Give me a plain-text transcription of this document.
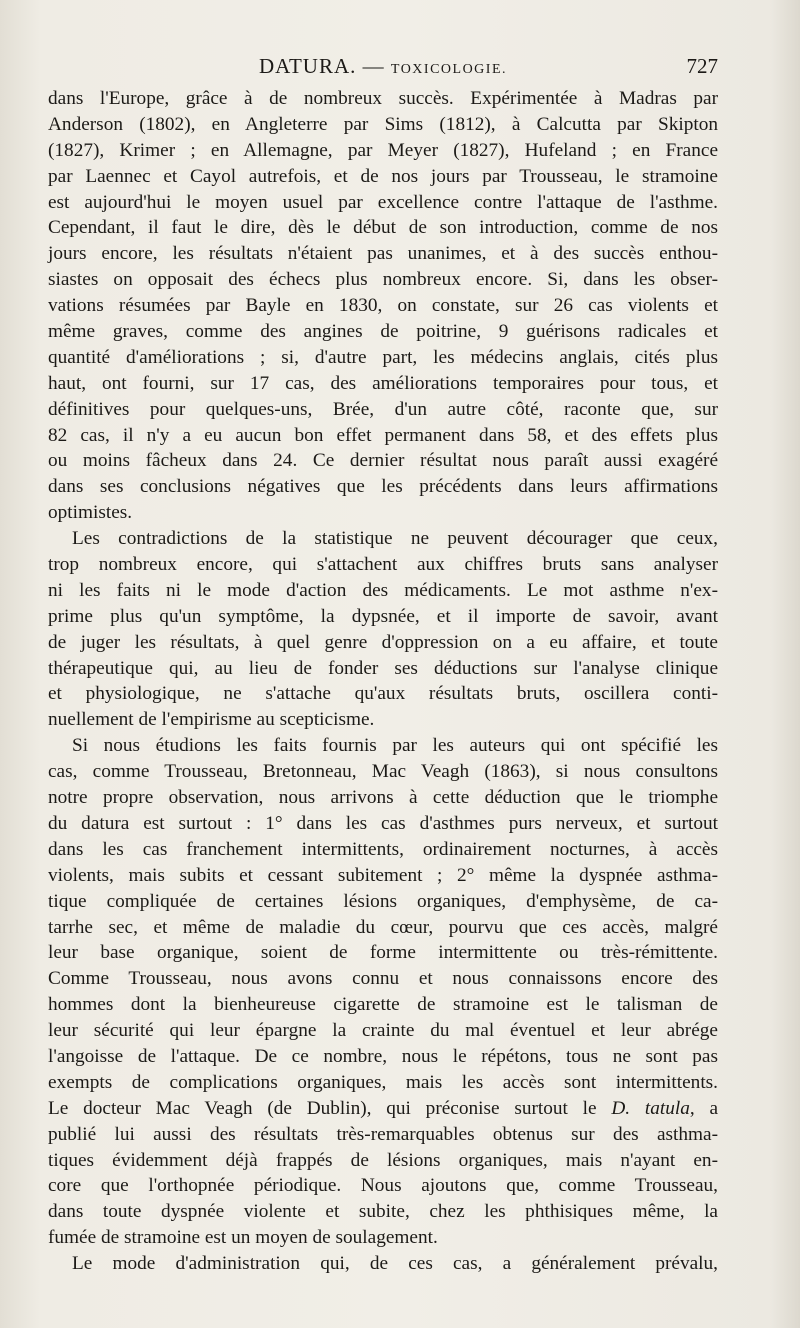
DATURA. — TOXICOLOGIE.	727
dans l'Europe, grâce à de nombreux succès. Expérimentée à Madras par
Anderson (1802), en Angleterre par Sims (1812), à Calcutta par Skipton
(1827), Krimer ; en Allemagne, par Meyer (1827), Hufeland ; en France
par Laennec et Cayol autrefois, et de nos jours par Trousseau, le stramoine
est aujourd'hui le moyen usuel par excellence contre l'attaque de l'asthme.
Cependant, il faut le dire, dès le début de son introduction, comme de nos
jours encore, les résultats n'étaient pas unanimes, et à des succès enthou-
siastes on opposait des échecs plus nombreux encore. Si, dans les obser-
vations résumées par Bayle en 1830, on constate, sur 26 cas violents et
même graves, comme des angines de poitrine, 9 guérisons radicales et
quantité d'améliorations ; si, d'autre part, les médecins anglais, cités plus
haut, ont fourni, sur 17 cas, des améliorations temporaires pour tous, et
définitives pour quelques-uns, Brée, d'un autre côté, raconte que, sur
82 cas, il n'y a eu aucun bon effet permanent dans 58, et des effets plus
ou moins fâcheux dans 24. Ce dernier résultat nous paraît aussi exagéré
dans ses conclusions négatives que les précédents dans leurs affirmations
optimistes.
Les contradictions de la statistique ne peuvent décourager que ceux,
trop nombreux encore, qui s'attachent aux chiffres bruts sans analyser
ni les faits ni le mode d'action des médicaments. Le mot asthme n'ex-
prime plus qu'un symptôme, la dypsnée, et il importe de savoir, avant
de juger les résultats, à quel genre d'oppression on a eu affaire, et toute
thérapeutique qui, au lieu de fonder ses déductions sur l'analyse clinique
et physiologique, ne s'attache qu'aux résultats bruts, oscillera conti-
nuellement de l'empirisme au scepticisme.
Si nous étudions les faits fournis par les auteurs qui ont spécifié les
cas, comme Trousseau, Bretonneau, Mac Veagh (1863), si nous consultons
notre propre observation, nous arrivons à cette déduction que le triomphe
du datura est surtout : 1° dans les cas d'asthmes purs nerveux, et surtout
dans les cas franchement intermittents, ordinairement nocturnes, à accès
violents, mais subits et cessant subitement ; 2° même la dyspnée asthma-
tique compliquée de certaines lésions organiques, d'emphysème, de ca-
tarrhe sec, et même de maladie du cœur, pourvu que ces accès, malgré
leur base organique, soient de forme intermittente ou très-rémittente.
Comme Trousseau, nous avons connu et nous connaissons encore des
hommes dont la bienheureuse cigarette de stramoine est le talisman de
leur sécurité qui leur épargne la crainte du mal éventuel et leur abrége
l'angoisse de l'attaque. De ce nombre, nous le répétons, tous ne sont pas
exempts de complications organiques, mais les accès sont intermittents.
Le docteur Mac Veagh (de Dublin), qui préconise surtout le D. tatula, a
publié lui aussi des résultats très-remarquables obtenus sur des asthma-
tiques évidemment déjà frappés de lésions organiques, mais n'ayant en-
core que l'orthopnée périodique. Nous ajoutons que, comme Trousseau,
dans toute dyspnée violente et subite, chez les phthisiques même, la
fumée de stramoine est un moyen de soulagement.
Le mode d'administration qui, de ces cas, a généralement prévalu,
